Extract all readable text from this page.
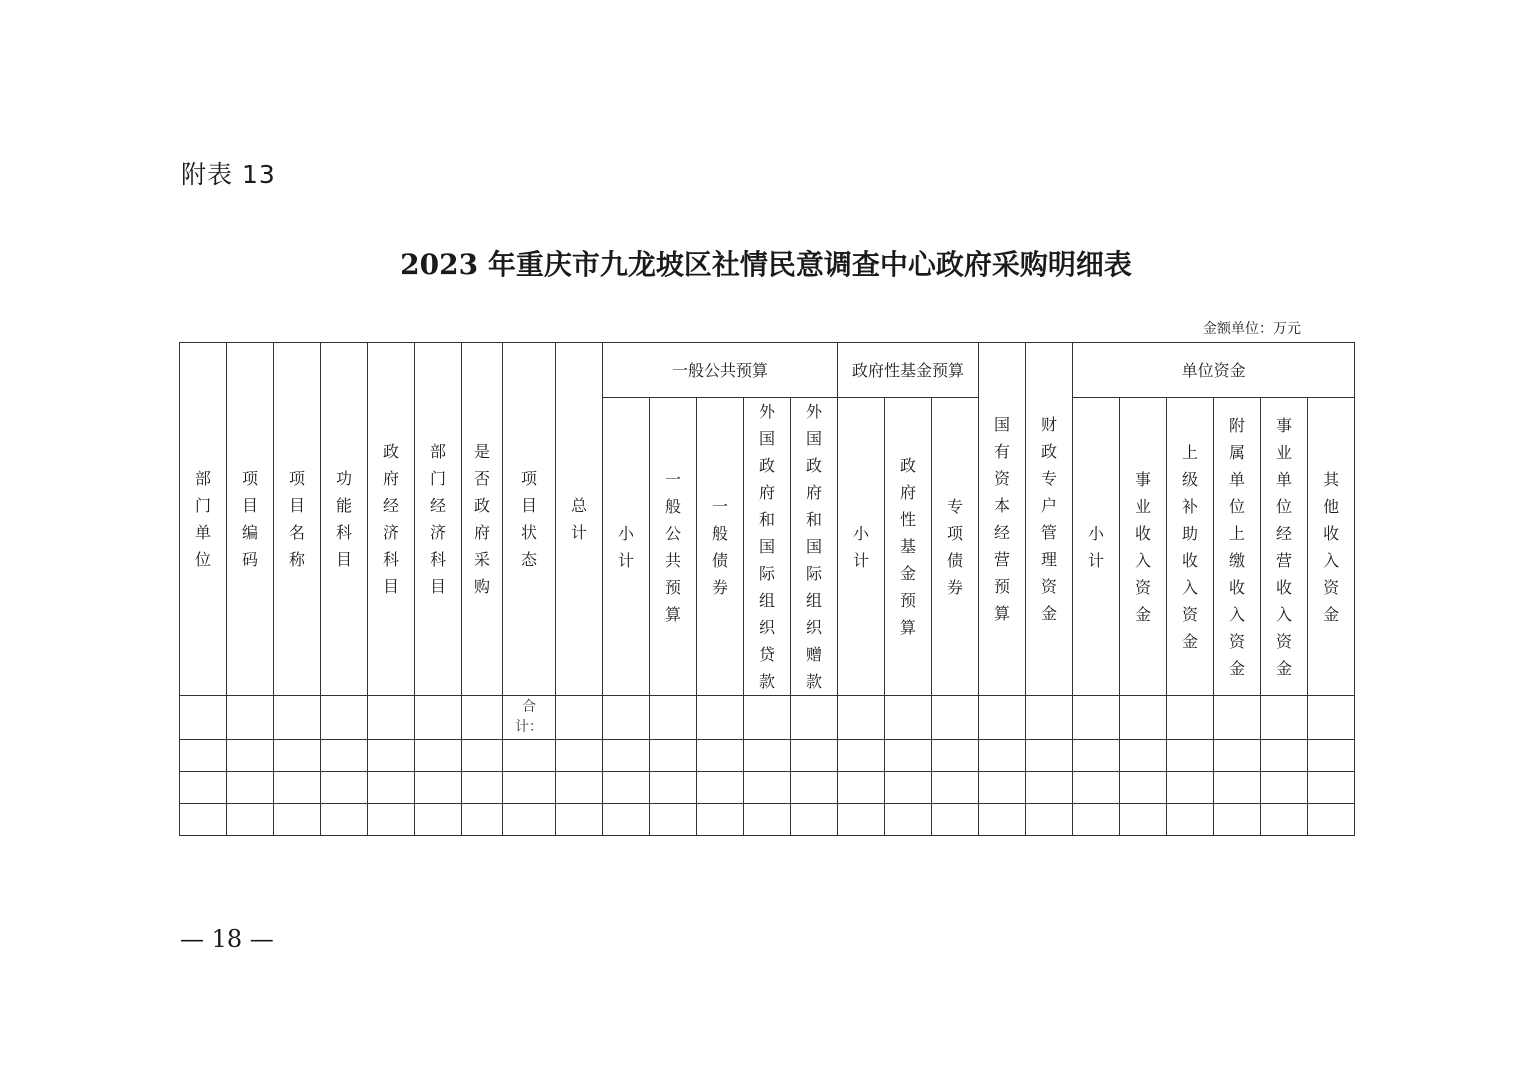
附表 13
2023 年重庆市九龙坡区社情民意调查中心政府采购明细表
金额单位：万元
部门单位	项目编码	项目名称	功能科目	政府经济科目	部门经济科目	是否政府采购	项目状态	总计	一般公共预算					政府性基金预算			国有资本经营预算	财政专户管理资金	单位资金					
									小计	一般公共预算	一般债券	外国政府和国际组织贷款	外国政府和国际组织赠款	小计	政府性基金预算	专项债券			小计	事业收入资金	上级补助收入资金	附属单位上缴收入资金	事业单位经营收入资金	其他收入资金
							合计：																	

— 18 —
